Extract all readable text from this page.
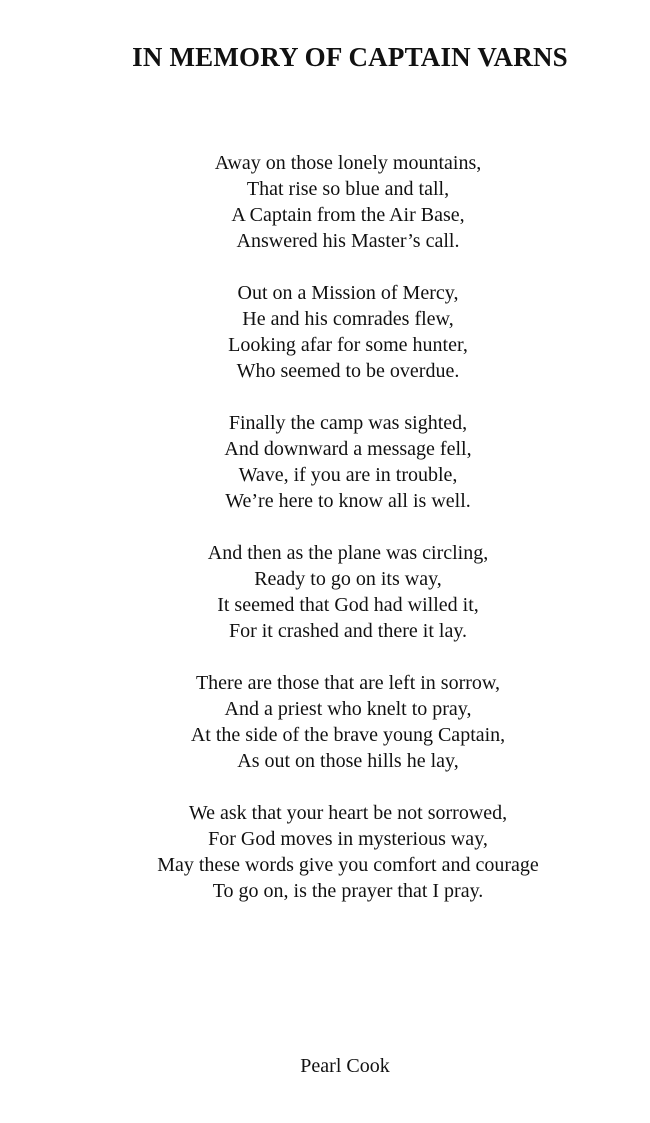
IN MEMORY OF CAPTAIN VARNS
Away on those lonely mountains,
That rise so blue and tall,
A Captain from the Air Base,
Answered his Master’s call.
Out on a Mission of Mercy,
He and his comrades flew,
Looking afar for some hunter,
Who seemed to be overdue.
Finally the camp was sighted,
And downward a message fell,
Wave, if you are in trouble,
We’re here to know all is well.
And then as the plane was circling,
Ready to go on its way,
It seemed that God had willed it,
For it crashed and there it lay.
There are those that are left in sorrow,
And a priest who knelt to pray,
At the side of the brave young Captain,
As out on those hills he lay,
We ask that your heart be not sorrowed,
For God moves in mysterious way,
May these words give you comfort and courage
To go on, is the prayer that I pray.

Pearl Cook
